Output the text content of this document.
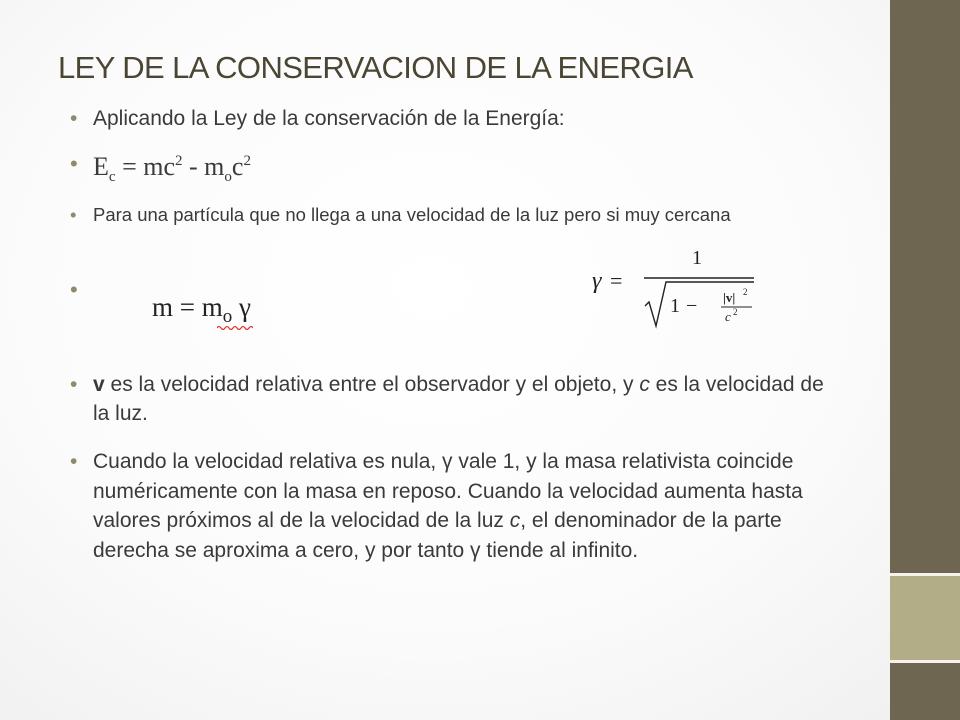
LEY DE LA CONSERVACION DE LA ENERGIA
• Aplicando la Ley de la conservación de la Energía:
• $E_c = mc^2 - m_oc^2$
• Para una partícula que no llega a una velocidad de la luz pero si muy cercana
•
$m = m_o$ γ
γ =
1
1 − |v| 2
c 2
• v es la velocidad relativa entre el observador y el objeto, y c es la velocidad de la luz.
• Cuando la velocidad relativa es nula, γ vale 1, y la masa relativista coincide numéricamente con la masa en reposo. Cuando la velocidad aumenta hasta valores próximos al de la velocidad de la luz c, el denominador de la parte derecha se aproxima a cero, y por tanto γ tiende al infinito.
